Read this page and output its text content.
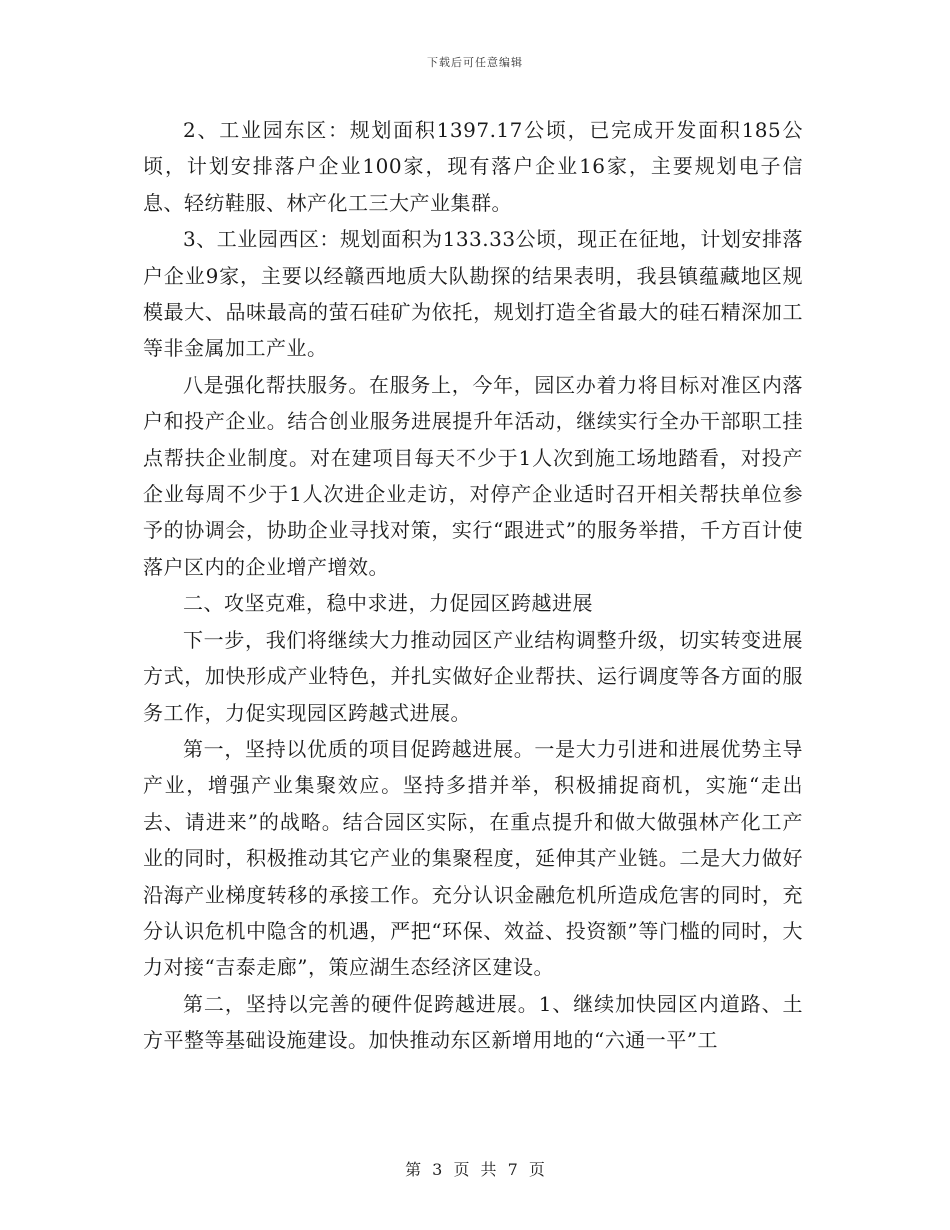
下载后可任意编辑

2、工业园东区：规划面积1397.17公顷，已完成开发面积185公顷，计划安排落户企业100家，现有落户企业16家，主要规划电子信息、轻纺鞋服、林产化工三大产业集群。

3、工业园西区：规划面积为133.33公顷，现正在征地，计划安排落户企业9家，主要以经赣西地质大队勘探的结果表明，我县镇蕴藏地区规模最大、品味最高的萤石硅矿为依托，规划打造全省最大的硅石精深加工等非金属加工产业。

八是强化帮扶服务。在服务上，今年，园区办着力将目标对准区内落户和投产企业。结合创业服务进展提升年活动，继续实行全办干部职工挂点帮扶企业制度。对在建项目每天不少于1人次到施工场地踏看，对投产企业每周不少于1人次进企业走访，对停产企业适时召开相关帮扶单位参予的协调会，协助企业寻找对策，实行“跟进式”的服务举措，千方百计使落户区内的企业增产增效。

二、攻坚克难，稳中求进，力促园区跨越进展

下一步，我们将继续大力推动园区产业结构调整升级，切实转变进展方式，加快形成产业特色，并扎实做好企业帮扶、运行调度等各方面的服务工作，力促实现园区跨越式进展。

第一，坚持以优质的项目促跨越进展。一是大力引进和进展优势主导产业，增强产业集聚效应。坚持多措并举，积极捕捉商机，实施“走出去、请进来”的战略。结合园区实际，在重点提升和做大做强林产化工产业的同时，积极推动其它产业的集聚程度，延伸其产业链。二是大力做好沿海产业梯度转移的承接工作。充分认识金融危机所造成危害的同时，充分认识危机中隐含的机遇，严把“环保、效益、投资额”等门槛的同时，大力对接“吉泰走廊”，策应湖生态经济区建设。

第二，坚持以完善的硬件促跨越进展。1、继续加快园区内道路、土方平整等基础设施建设。加快推动东区新增用地的“六通一平”工

第 3 页 共 7 页
